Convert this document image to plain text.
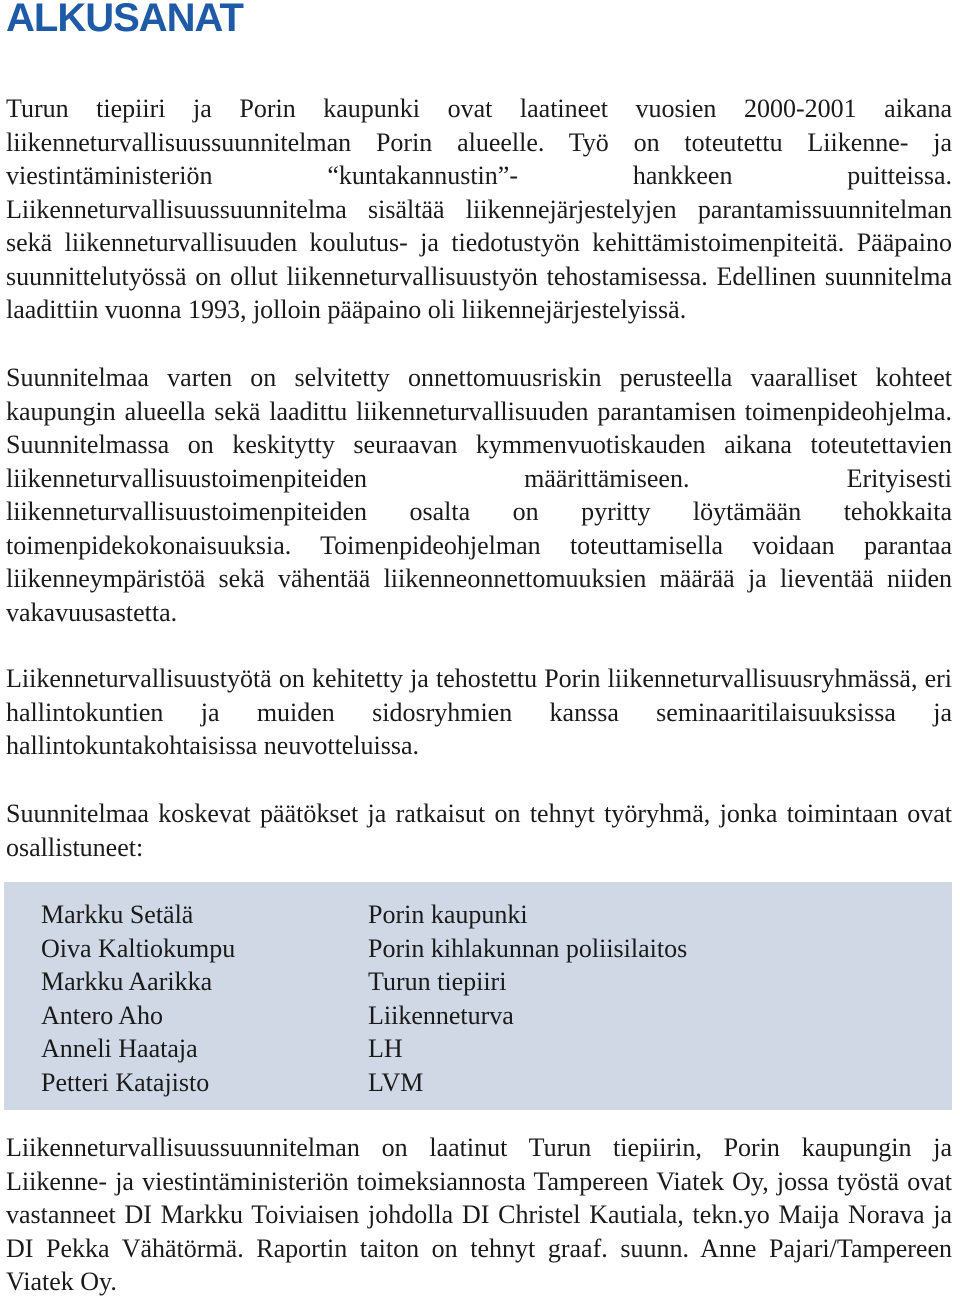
ALKUSANAT

Turun tiepiiri ja Porin kaupunki ovat laatineet vuosien 2000-2001 aikana liikenneturvallisuussuunnitelman Porin alueelle. Työ on toteutettu Liikenne- ja viestintäministeriön “kuntakannustin”- hankkeen puitteissa. Liikenneturvallisuussuunnitelma sisältää liikennejärjestelyjen parantamissuunnitelman sekä liikenneturvallisuuden koulutus- ja tiedotustyön kehittämistoimenpiteitä. Pääpaino suunnittelutyössä on ollut liikenneturvallisuustyön tehostamisessa. Edellinen suunnitelma laadittiin vuonna 1993, jolloin pääpaino oli liikennejärjestelyissä.

Suunnitelmaa varten on selvitetty onnettomuusriskin perusteella vaaralliset kohteet kaupungin alueella sekä laadittu liikenneturvallisuuden parantamisen toimenpideohjelma. Suunnitelmassa on keskitytty seuraavan kymmenvuotiskauden aikana toteutettavien liikenneturvallisuustoimenpiteiden määrittämiseen. Erityisesti liikenneturvallisuustoimenpiteiden osalta on pyritty löytämään tehokkaita toimenpidekokonaisuuksia. Toimenpideohjelman toteuttamisella voidaan parantaa liikenneympäristöä sekä vähentää liikenneonnettomuuksien määrää ja lieventää niiden vakavuusastetta.

Liikenneturvallisuustyötä on kehitetty ja tehostettu Porin liikenneturvallisuusryhmässä, eri hallintokuntien ja muiden sidosryhmien kanssa seminaaritilaisuuksissa ja hallintokuntakohtaisissa neuvotteluissa.

Suunnitelmaa koskevat päätökset ja ratkaisut on tehnyt työryhmä, jonka toimintaan ovat osallistuneet:

Markku Setälä	Porin kaupunki
Oiva Kaltiokumpu	Porin kihlakunnan poliisilaitos
Markku Aarikka	Turun tiepiiri
Antero Aho	Liikenneturva
Anneli Haataja	LH
Petteri Katajisto	LVM

Liikenneturvallisuussuunnitelman on laatinut Turun tiepiirin, Porin kaupungin ja Liikenne- ja viestintäministeriön toimeksiannosta Tampereen Viatek Oy, jossa työstä ovat vastanneet DI Markku Toiviaisen johdolla DI Christel Kautiala, tekn.yo Maija Norava ja DI Pekka Vähätörmä. Raportin taiton on tehnyt graaf. suunn. Anne Pajari/Tampereen Viatek Oy.
